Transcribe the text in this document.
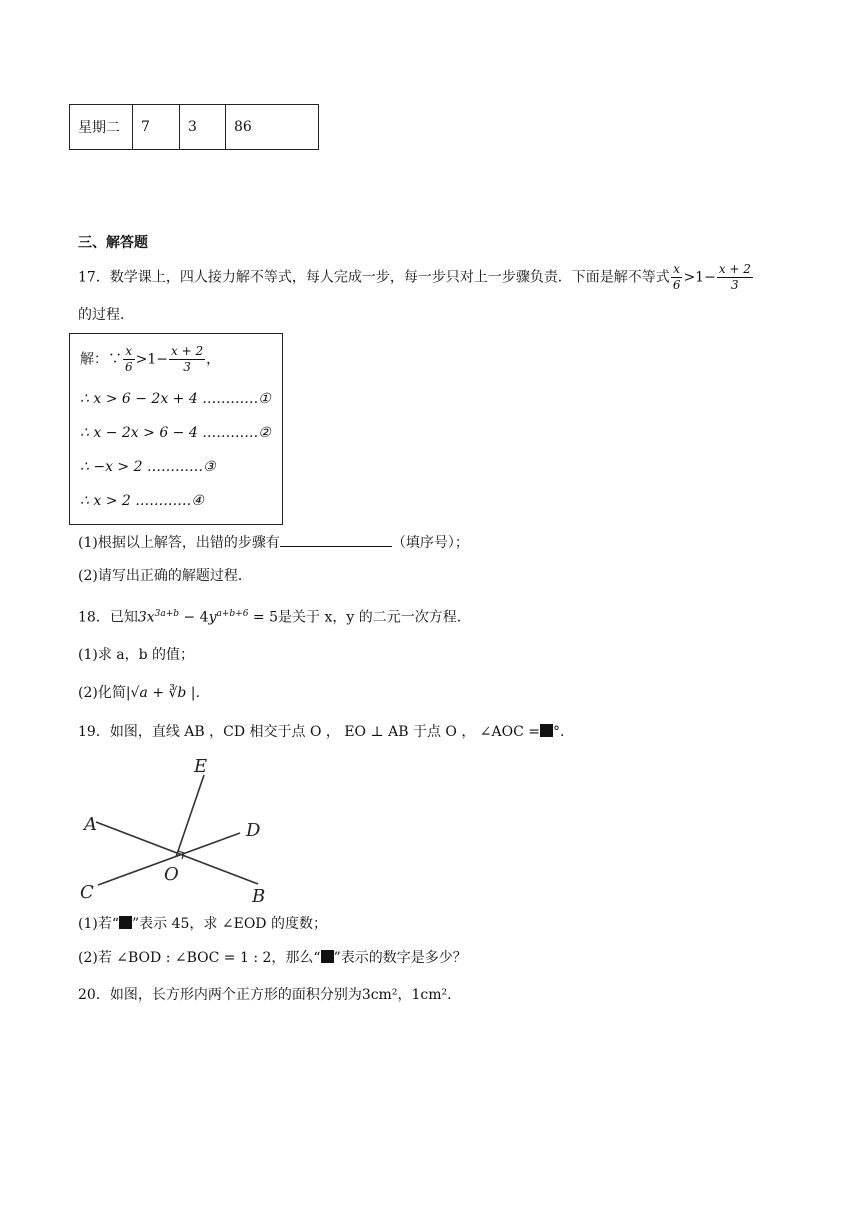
星期二	7	3	86
三、解答题
17．数学课上，四人接力解不等式，每人完成一步，每一步只对上一步骤负责．下面是解不等式 $\frac{x}{6} >1- \frac{x + 2}{3}$
的过程．
解：∵ $\frac{x}{6} >1- \frac{x + 2}{3}$ ，
∴ x > 6 − 2x + 4 …………①
∴ x − 2x > 6 − 4 …………②
∴ −x > 2 …………③
∴ x > 2 …………④
(1)根据以上解答，出错的步骤有	（填序号）；
(2)请写出正确的解题过程．
18．已知$3x^{3a+b} - 4y^{a+b+6} = 5$是关于 x，y 的二元一次方程．
(1)求 a，b 的值；
(2)化简|√a + ∛b |．
19．如图，直线 AB ，CD 相交于点 O ， EO ⊥ AB 于点 O ， ∠AOC = °．
E
A	D
O
C	B
(1)若“ ”表示 45，求 ∠EOD 的度数；
(2)若 ∠BOD : ∠BOC = 1 : 2，那么“ ”表示的数字是多少？
20．如图，长方形内两个正方形的面积分别为3cm²，1cm²．
